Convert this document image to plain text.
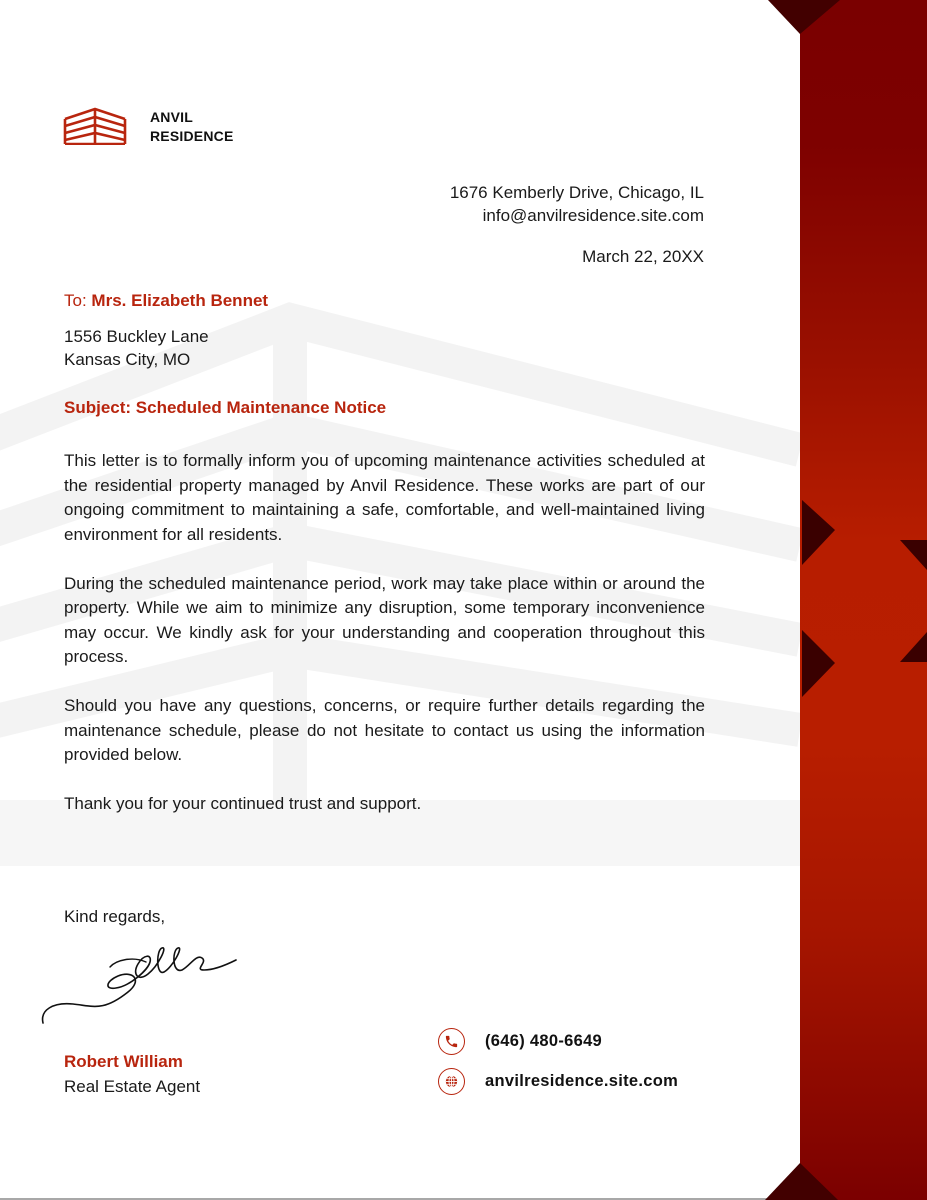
ANVIL
RESIDENCE
1676 Kemberly Drive, Chicago, IL
info@anvilresidence.site.com
March 22, 20XX
To: Mrs. Elizabeth Bennet
1556 Buckley Lane
Kansas City, MO
Subject: Scheduled Maintenance Notice

This letter is to formally inform you of upcoming maintenance activities scheduled at the residential property managed by Anvil Residence. These works are part of our ongoing commitment to maintaining a safe, comfortable, and well-maintained living environment for all residents.

During the scheduled maintenance period, work may take place within or around the property. While we aim to minimize any disruption, some temporary inconvenience may occur. We kindly ask for your understanding and cooperation throughout this process.

Should you have any questions, concerns, or require further details regarding the maintenance schedule, please do not hesitate to contact us using the information provided below.

Thank you for your continued trust and support.

Kind regards,
Robert William
Real Estate Agent
(646) 480-6649
anvilresidence.site.com
